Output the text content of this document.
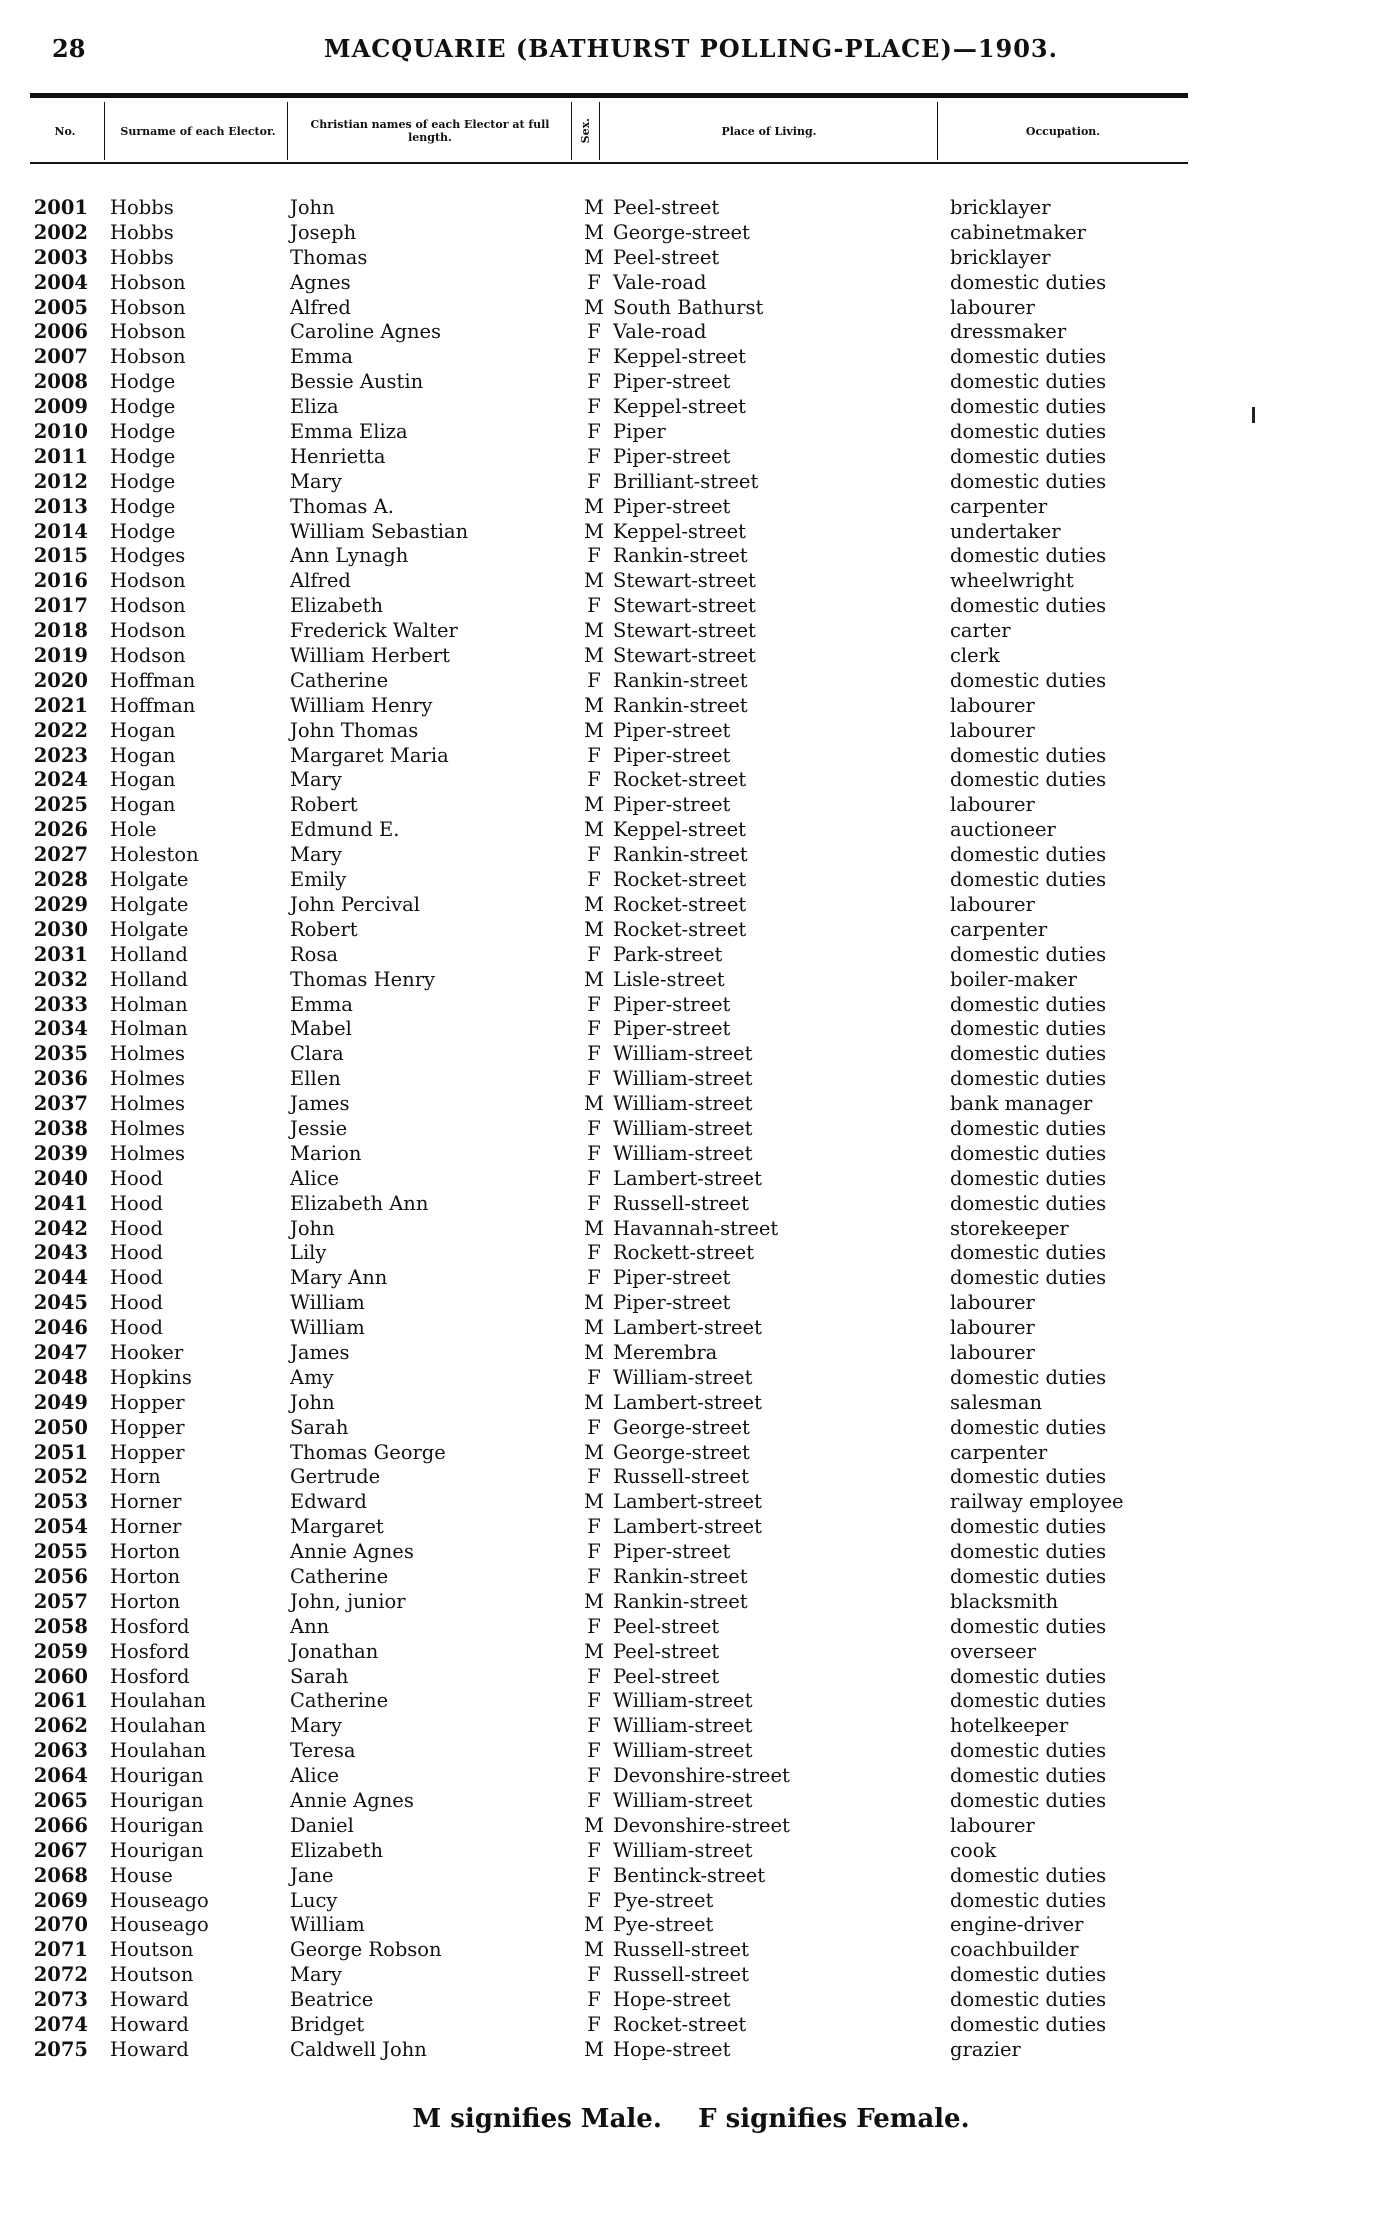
28	MACQUARIE (BATHURST POLLING-PLACE)—1903.
No.	Surname of each Elector.	Christian names of each Elector at full length.	Sex.	Place of Living.	Occupation.
2001 Hobbs	John	M Peel-street	bricklayer
2002 Hobbs	Joseph	M George-street	cabinetmaker
2003 Hobbs	Thomas	M Peel-street	bricklayer
2004 Hobson	Agnes	F Vale-road	domestic duties
2005 Hobson	Alfred	M South Bathurst	labourer
2006 Hobson	Caroline Agnes	F Vale-road	dressmaker
2007 Hobson	Emma	F Keppel-street	domestic duties
2008 Hodge	Bessie Austin	F Piper-street	domestic duties
2009 Hodge	Eliza	F Keppel-street	domestic duties
2010 Hodge	Emma Eliza	F Piper	domestic duties
2011 Hodge	Henrietta	F Piper-street	domestic duties
2012 Hodge	Mary	F Brilliant-street	domestic duties
2013 Hodge	Thomas A.	M Piper-street	carpenter
2014 Hodge	William Sebastian	M Keppel-street	undertaker
2015 Hodges	Ann Lynagh	F Rankin-street	domestic duties
2016 Hodson	Alfred	M Stewart-street	wheelwright
2017 Hodson	Elizabeth	F Stewart-street	domestic duties
2018 Hodson	Frederick Walter	M Stewart-street	carter
2019 Hodson	William Herbert	M Stewart-street	clerk
2020 Hoffman	Catherine	F Rankin-street	domestic duties
2021 Hoffman	William Henry	M Rankin-street	labourer
2022 Hogan	John Thomas	M Piper-street	labourer
2023 Hogan	Margaret Maria	F Piper-street	domestic duties
2024 Hogan	Mary	F Rocket-street	domestic duties
2025 Hogan	Robert	M Piper-street	labourer
2026 Hole	Edmund E.	M Keppel-street	auctioneer
2027 Holeston	Mary	F Rankin-street	domestic duties
2028 Holgate	Emily	F Rocket-street	domestic duties
2029 Holgate	John Percival	M Rocket-street	labourer
2030 Holgate	Robert	M Rocket-street	carpenter
2031 Holland	Rosa	F Park-street	domestic duties
2032 Holland	Thomas Henry	M Lisle-street	boiler-maker
2033 Holman	Emma	F Piper-street	domestic duties
2034 Holman	Mabel	F Piper-street	domestic duties
2035 Holmes	Clara	F William-street	domestic duties
2036 Holmes	Ellen	F William-street	domestic duties
2037 Holmes	James	M William-street	bank manager
2038 Holmes	Jessie	F William-street	domestic duties
2039 Holmes	Marion	F William-street	domestic duties
2040 Hood	Alice	F Lambert-street	domestic duties
2041 Hood	Elizabeth Ann	F Russell-street	domestic duties
2042 Hood	John	M Havannah-street	storekeeper
2043 Hood	Lily	F Rockett-street	domestic duties
2044 Hood	Mary Ann	F Piper-street	domestic duties
2045 Hood	William	M Piper-street	labourer
2046 Hood	William	M Lambert-street	labourer
2047 Hooker	James	M Merembra	labourer
2048 Hopkins	Amy	F William-street	domestic duties
2049 Hopper	John	M Lambert-street	salesman
2050 Hopper	Sarah	F George-street	domestic duties
2051 Hopper	Thomas George	M George-street	carpenter
2052 Horn	Gertrude	F Russell-street	domestic duties
2053 Horner	Edward	M Lambert-street	railway employee
2054 Horner	Margaret	F Lambert-street	domestic duties
2055 Horton	Annie Agnes	F Piper-street	domestic duties
2056 Horton	Catherine	F Rankin-street	domestic duties
2057 Horton	John, junior	M Rankin-street	blacksmith
2058 Hosford	Ann	F Peel-street	domestic duties
2059 Hosford	Jonathan	M Peel-street	overseer
2060 Hosford	Sarah	F Peel-street	domestic duties
2061 Houlahan	Catherine	F William-street	domestic duties
2062 Houlahan	Mary	F William-street	hotelkeeper
2063 Houlahan	Teresa	F William-street	domestic duties
2064 Hourigan	Alice	F Devonshire-street	domestic duties
2065 Hourigan	Annie Agnes	F William-street	domestic duties
2066 Hourigan	Daniel	M Devonshire-street	labourer
2067 Hourigan	Elizabeth	F William-street	cook
2068 House	Jane	F Bentinck-street	domestic duties
2069 Houseago	Lucy	F Pye-street	domestic duties
2070 Houseago	William	M Pye-street	engine-driver
2071 Houtson	George Robson	M Russell-street	coachbuilder
2072 Houtson	Mary	F Russell-street	domestic duties
2073 Howard	Beatrice	F Hope-street	domestic duties
2074 Howard	Bridget	F Rocket-street	domestic duties
2075 Howard	Caldwell John	M Hope-street	grazier
M signifies Male.    F signifies Female.
